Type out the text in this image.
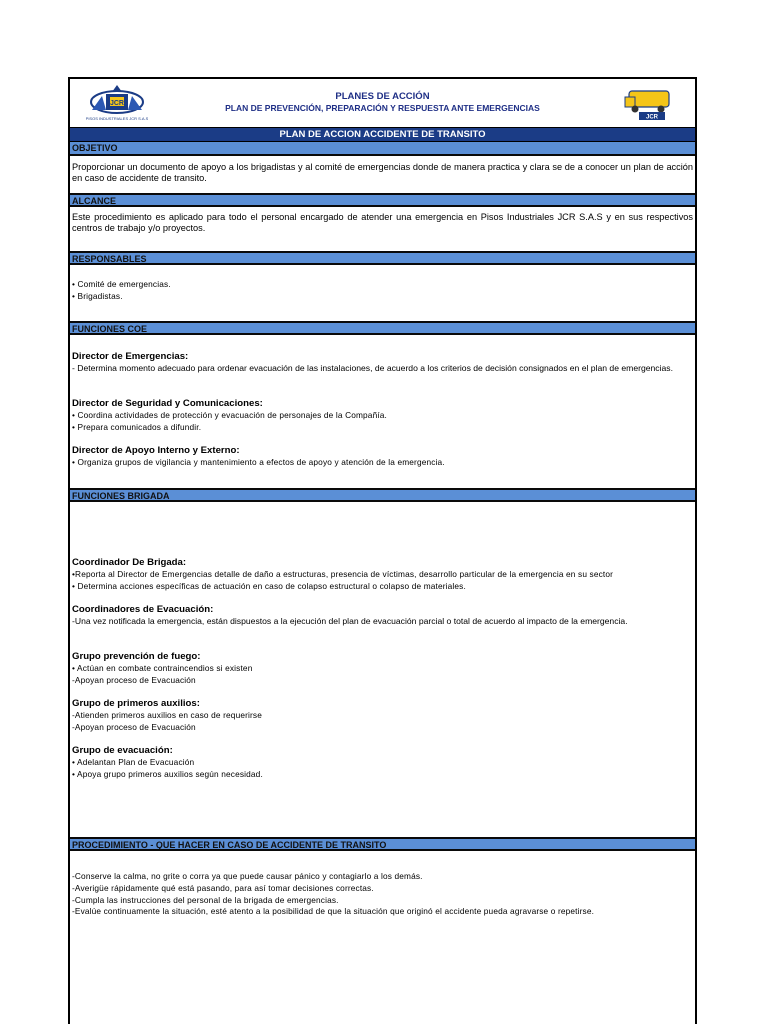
JCR
PISOS INDUSTRIALES JCR S.A.S
PLANES DE ACCIÓN
PLAN DE PREVENCIÓN, PREPARACIÓN Y RESPUESTA ANTE EMERGENCIAS
JCR
PLAN DE ACCION ACCIDENTE DE TRANSITO
OBJETIVO
Proporcionar un documento de apoyo a los brigadistas y al comité de emergencias donde de manera practica y clara se de a conocer un plan de acción en caso de accidente de transito.
ALCANCE
Este procedimiento es aplicado para todo el personal encargado de atender una emergencia en Pisos Industriales JCR S.A.S y en sus respectivos centros de trabajo y/o proyectos.
RESPONSABLES
• Comité de emergencias.
• Brigadistas.
FUNCIONES COE
Director de Emergencias:
- Determina momento adecuado para ordenar evacuación de las instalaciones, de acuerdo a los criterios de decisión consignados en el plan de emergencias.
Director de Seguridad y Comunicaciones:
• Coordina actividades de protección y evacuación de personajes de la Compañía.
• Prepara comunicados a difundir.
Director de Apoyo Interno y Externo:
• Organiza grupos de vigilancia y mantenimiento a efectos de apoyo y atención de la emergencia.
FUNCIONES BRIGADA
Coordinador De Brigada:
•Reporta al Director de Emergencias detalle de daño a estructuras, presencia de víctimas, desarrollo particular de la emergencia en su sector
• Determina acciones específicas de actuación en caso de colapso estructural o colapso de materiales.
Coordinadores de Evacuación:
-Una vez notificada la emergencia, están dispuestos a la ejecución del plan de evacuación parcial o total de acuerdo al impacto de la emergencia.
Grupo prevención de fuego:
• Actúan en combate contraincendios si existen
-Apoyan proceso de Evacuación
Grupo de primeros auxilios:
-Atienden primeros auxilios en caso de requerirse
-Apoyan proceso de Evacuación
Grupo de evacuación:
• Adelantan Plan de Evacuación
• Apoya grupo primeros auxilios según necesidad.
PROCEDIMIENTO - QUE HACER EN CASO DE ACCIDENTE DE TRANSITO
-Conserve la calma, no grite o corra ya que puede causar pánico y contagiarlo a los demás.
-Averigüe rápidamente qué está pasando, para así tomar decisiones correctas.
-Cumpla las instrucciones del personal de la brigada de emergencias.
-Evalúe continuamente la situación, esté atento a la posibilidad de que la situación que originó el accidente pueda agravarse o repetirse.
